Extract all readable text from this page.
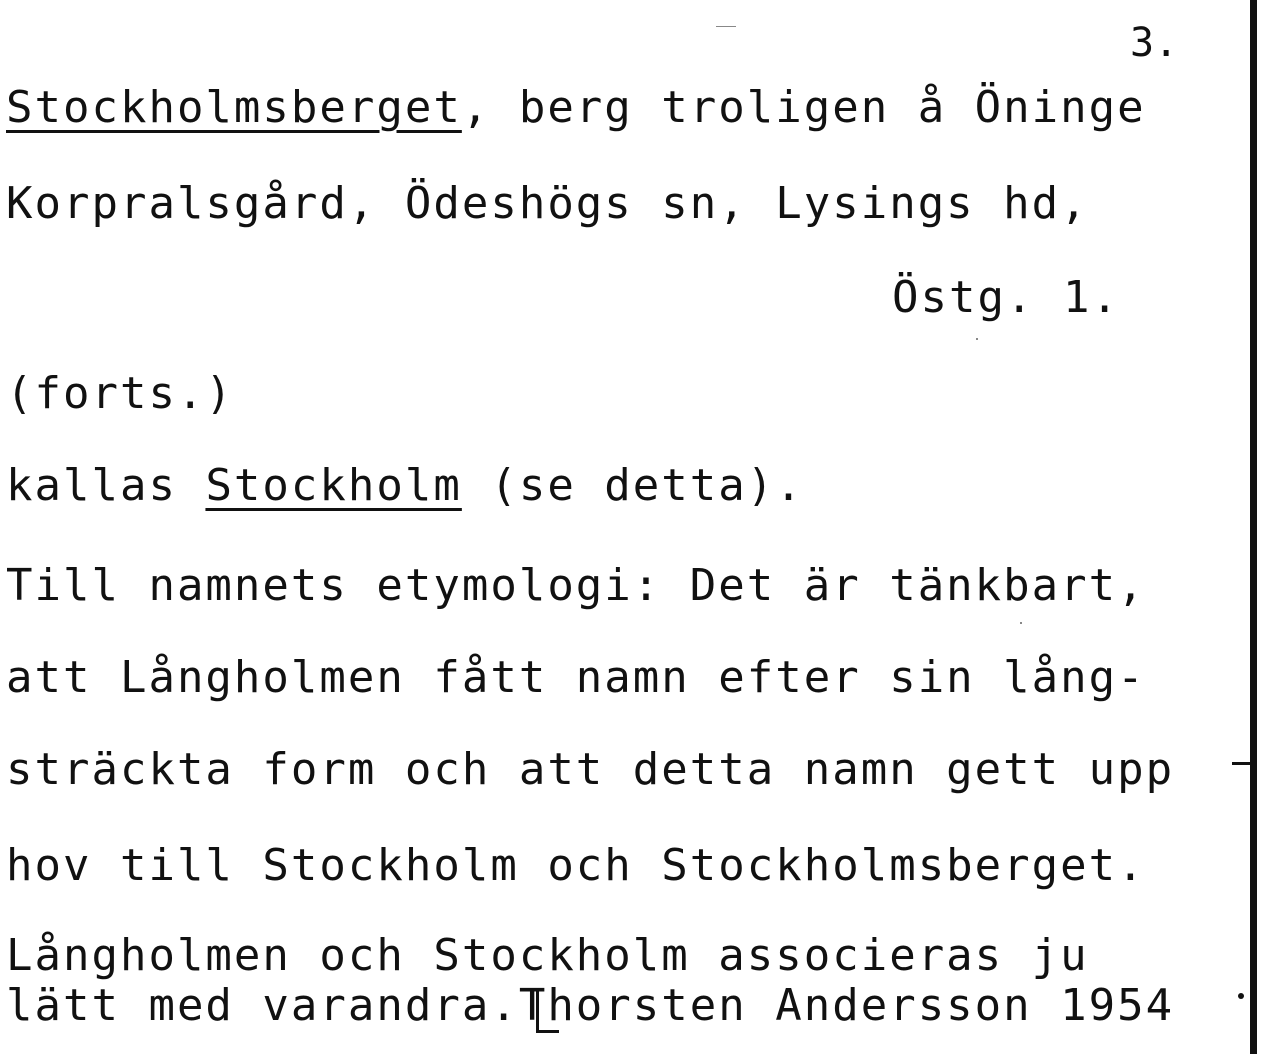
3.
Stockholmsberget, berg troligen å Öninge
Korpralsgård, Ödeshögs sn, Lysings hd,
Östg. 1.
(forts.)
kallas Stockholm (se detta).
Till namnets etymologi: Det är tänkbart,
att Långholmen fått namn efter sin lång-
sträckta form och att detta namn gett upp
hov till Stockholm och Stockholmsberget.
Långholmen och Stockholm associeras ju
lätt med varandra.Thorsten Andersson 1954
